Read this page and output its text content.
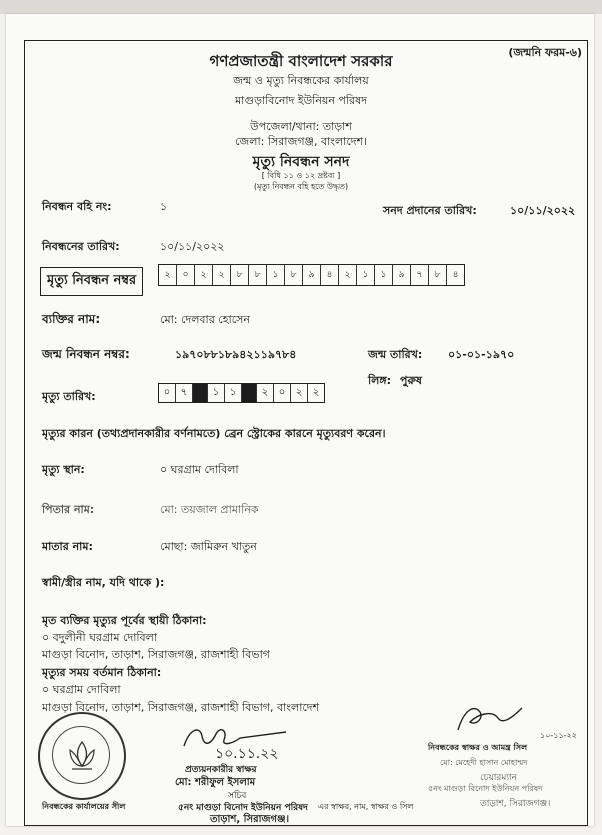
(জন্মনি ফরম-৬)
গণপ্রজাতন্ত্রী বাংলাদেশ সরকার
জন্ম ও মৃত্যু নিবন্ধকের কার্যালয়
মাগুড়াবিনোদ ইউনিয়ন পরিষদ
উপজেলা/থানা: তাড়াশ
জেলা: সিরাজগঞ্জ, বাংলাদেশ।
মৃত্যু নিবন্ধন সনদ
[ বিধি ১১ ও ১২ দ্রষ্টব্য ]
(মৃত্যু নিবন্ধন বহি হতে উদ্ধৃত)
নিবন্ধন বহি নং:	১	সনদ প্রদানের তারিখ:	১০/১১/২০২২
নিবন্ধনের তারিখ:	১০/১১/২০২২
মৃত্যু নিবন্ধন নম্বর	২	০	২	২	৮	৮	১	৮	৯	৪	২	১	১	৯	৭	৮	৪
ব্যক্তির নাম:	মো: দেলবার হোসেন
জন্ম নিবন্ধন নম্বর:	১৯৭০৮৮১৮৯৪২১১৯৭৮৪	জন্ম তারিখ: ০১-০১-১৯৭০
লিঙ্গ: পুরুষ
মৃত্যু তারিখ:	০	৭	১	১	২	০	২	২
মৃত্যুর কারন (তথ্যপ্রদানকারীর বর্ণনামতে) ব্রেন স্ট্রোকের কারনে মৃত্যুবরণ করেন।
মৃত্যু স্থান:	০ ঘরগ্রাম দোবিলা
পিতার নাম:	মো: তয়জাল প্রামানিক
মাতার নাম:	মোছা: জামিরুন খাতুন
স্বামী/স্ত্রীর নাম, যদি থাকে ):
মৃত ব্যক্তির মৃত্যুর পূর্বের স্থায়ী ঠিকানা:
০ বদুলীনী ঘরগ্রাম দোবিলা
মাগুড়া বিনোদ, তাড়াশ, সিরাজগঞ্জ, রাজশাহী বিভাগ
মৃত্যুর সময় বর্তমান ঠিকানা:
০ ঘরগ্রাম দোবিলা
মাগুড়া বিনোদ, তাড়াশ, সিরাজগঞ্জ, রাজশাহী বিভাগ, বাংলাদেশ
১০.১১.২২
প্রত্যয়নকারীর স্বাক্ষর
মো: শরীফুল ইসলাম
সচিব
৫নং মাগুড়া বিনোদ ইউনিয়ন পরিষদ
তাড়াশ, সিরাজগঞ্জ।
নিবন্ধকের কার্যালয়ের সীল	এর স্বাক্ষর, নাম, স্বাক্ষর ও সিল
১০-১১-২২
নিবন্ধকের স্বাক্ষর ও আমন্ত্র সিল
মো: মেহেদী হাসান মোহাম্মদ
চেয়ারম্যান
৫নং মাগুড়া বিনোদ ইউনিয়ন পরিষদ
তাড়াশ, সিরাজগঞ্জ।
